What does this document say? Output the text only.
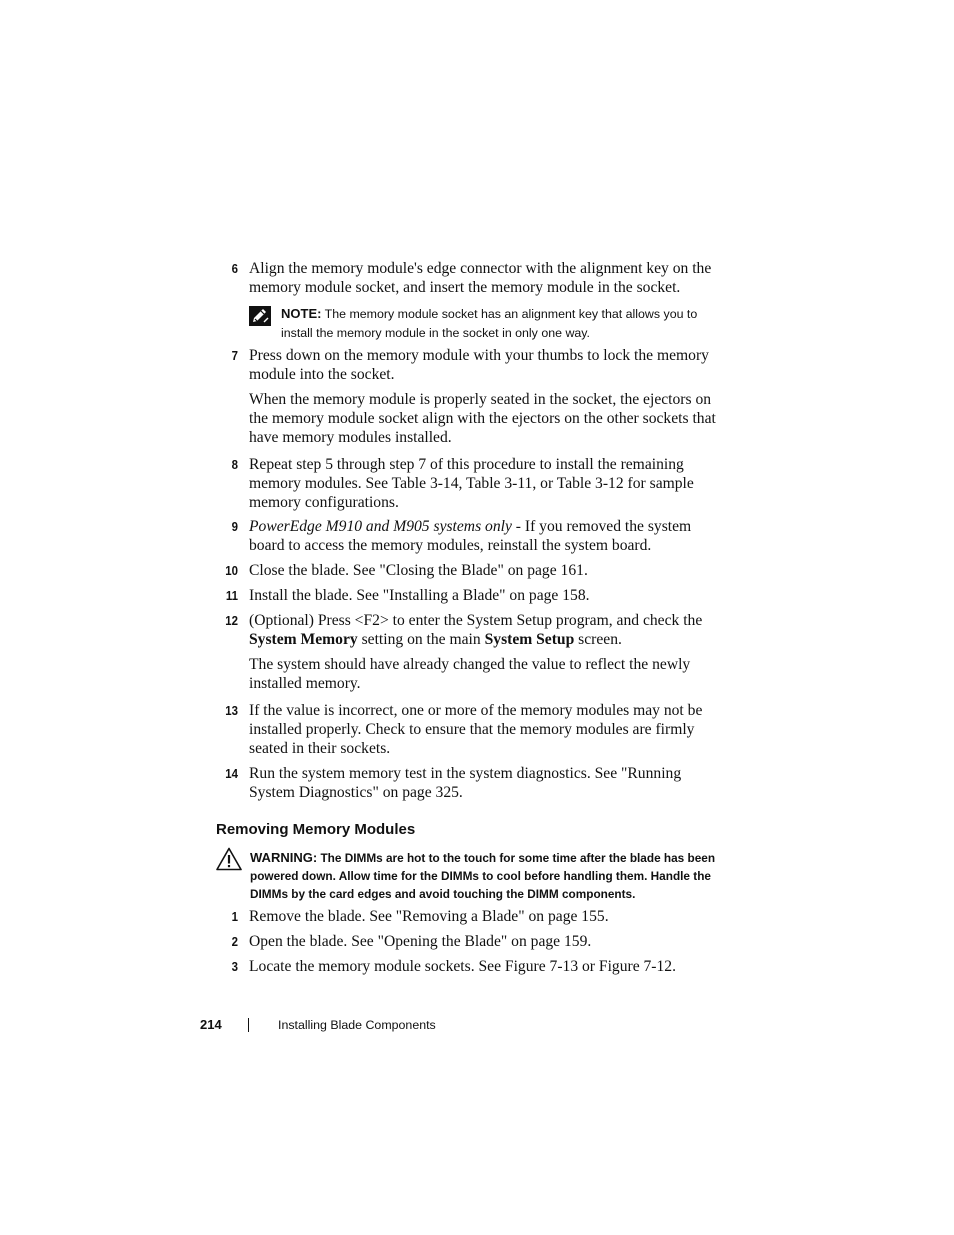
6 Align the memory module's edge connector with the alignment key on the memory module socket, and insert the memory module in the socket.
NOTE: The memory module socket has an alignment key that allows you to install the memory module in the socket in only one way.
7 Press down on the memory module with your thumbs to lock the memory module into the socket.
When the memory module is properly seated in the socket, the ejectors on the memory module socket align with the ejectors on the other sockets that have memory modules installed.
8 Repeat step 5 through step 7 of this procedure to install the remaining memory modules. See Table 3-14, Table 3-11, or Table 3-12 for sample memory configurations.
9 PowerEdge M910 and M905 systems only - If you removed the system board to access the memory modules, reinstall the system board.
10 Close the blade. See "Closing the Blade" on page 161.
11 Install the blade. See "Installing a Blade" on page 158.
12 (Optional) Press <F2> to enter the System Setup program, and check the System Memory setting on the main System Setup screen.
The system should have already changed the value to reflect the newly installed memory.
13 If the value is incorrect, one or more of the memory modules may not be installed properly. Check to ensure that the memory modules are firmly seated in their sockets.
14 Run the system memory test in the system diagnostics. See "Running System Diagnostics" on page 325.
Removing Memory Modules
WARNING: The DIMMs are hot to the touch for some time after the blade has been powered down. Allow time for the DIMMs to cool before handling them. Handle the DIMMs by the card edges and avoid touching the DIMM components.
1 Remove the blade. See "Removing a Blade" on page 155.
2 Open the blade. See "Opening the Blade" on page 159.
3 Locate the memory module sockets. See Figure 7-13 or Figure 7-12.
214	Installing Blade Components
